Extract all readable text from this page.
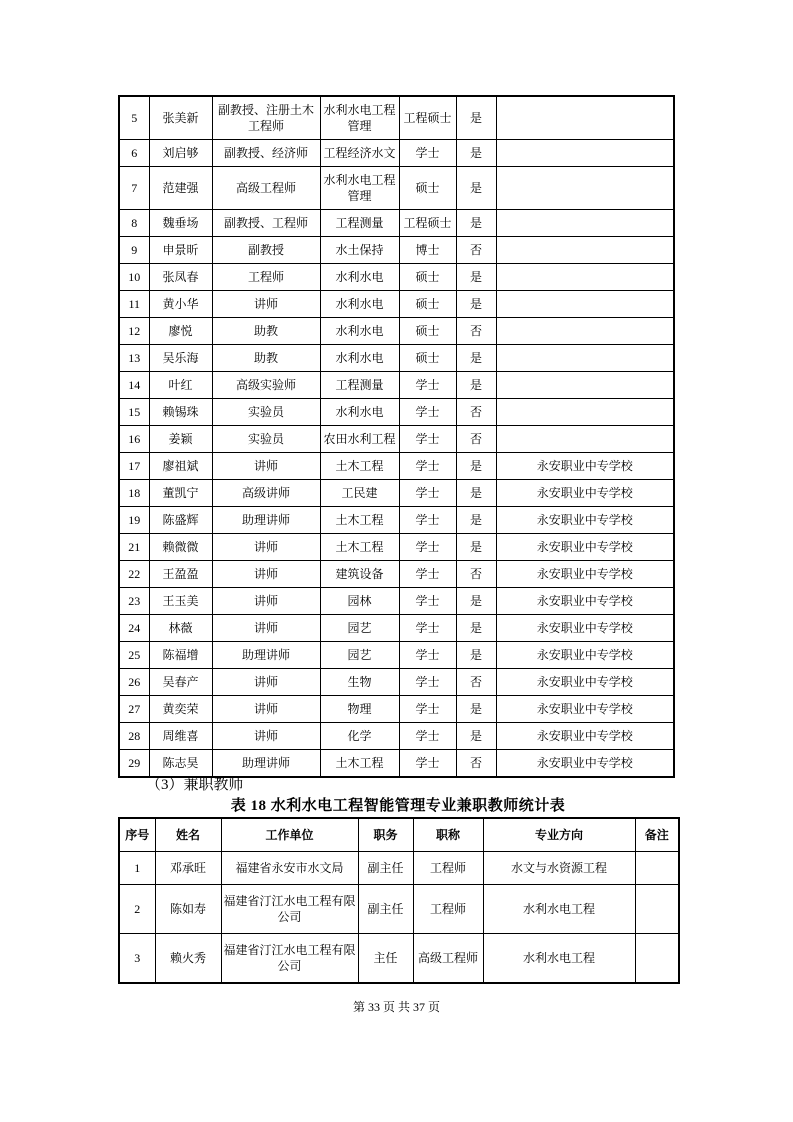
5	张美新	副教授、注册土木工程师	水利水电工程管理	工程硕士	是	
6	刘启够	副教授、经济师	工程经济水文	学士	是	
7	范建强	高级工程师	水利水电工程管理	硕士	是	
8	魏垂场	副教授、工程师	工程测量	工程硕士	是	
9	申景昕	副教授	水土保持	博士	否	
10	张凤春	工程师	水利水电	硕士	是	
11	黄小华	讲师	水利水电	硕士	是	
12	廖悦	助教	水利水电	硕士	否	
13	吴乐海	助教	水利水电	硕士	是	
14	叶红	高级实验师	工程测量	学士	是	
15	赖锡珠	实验员	水利水电	学士	否	
16	姜颖	实验员	农田水利工程	学士	否	
17	廖祖斌	讲师	土木工程	学士	是	永安职业中专学校
18	董凯宁	高级讲师	工民建	学士	是	永安职业中专学校
19	陈盛辉	助理讲师	土木工程	学士	是	永安职业中专学校
21	赖微微	讲师	土木工程	学士	是	永安职业中专学校
22	王盈盈	讲师	建筑设备	学士	否	永安职业中专学校
23	王玉美	讲师	园林	学士	是	永安职业中专学校
24	林薇	讲师	园艺	学士	是	永安职业中专学校
25	陈福增	助理讲师	园艺	学士	是	永安职业中专学校
26	吴春产	讲师	生物	学士	否	永安职业中专学校
27	黄奕荣	讲师	物理	学士	是	永安职业中专学校
28	周维喜	讲师	化学	学士	是	永安职业中专学校
29	陈志昊	助理讲师	土木工程	学士	否	永安职业中专学校
（3）兼职教师
表 18 水利水电工程智能管理专业兼职教师统计表
序号	姓名	工作单位	职务	职称	专业方向	备注
1	邓承旺	福建省永安市水文局	副主任	工程师	水文与水资源工程	
2	陈如寿	福建省汀江水电工程有限公司	副主任	工程师	水利水电工程	
3	赖火秀	福建省汀江水电工程有限公司	主任	高级工程师	水利水电工程	
第 33 页 共 37 页
